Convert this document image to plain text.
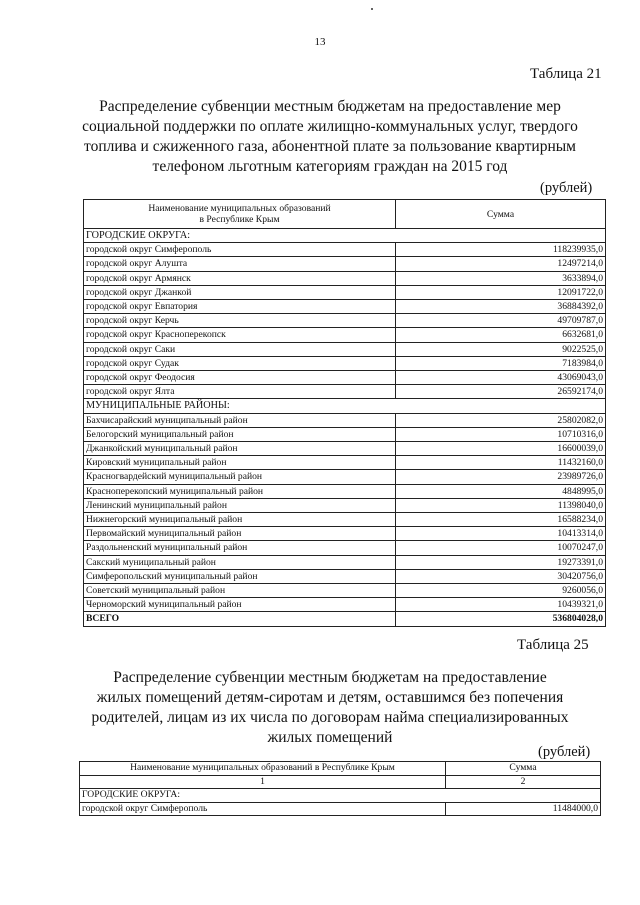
13
Таблица 21
Распределение субвенции местным бюджетам на предоставление мер
социальной поддержки по оплате жилищно-коммунальных услуг, твердого
топлива и сжиженного газа, абонентной плате за пользование квартирным
телефоном льготным категориям граждан на 2015 год
(рублей)
Наименование муниципальных образований
в Республике Крым	Сумма
ГОРОДСКИЕ ОКРУГА:	
городской округ Симферополь	118239935,0
городской округ Алушта	12497214,0
городской округ Армянск	3633894,0
городской округ Джанкой	12091722,0
городской округ Евпатория	36884392,0
городской округ Керчь	49709787,0
городской округ Красноперекопск	6632681,0
городской округ Саки	9022525,0
городской округ Судак	7183984,0
городской округ Феодосия	43069043,0
городской округ Ялта	26592174,0
МУНИЦИПАЛЬНЫЕ РАЙОНЫ:	
Бахчисарайский муниципальный район	25802082,0
Белогорский муниципальный район	10710316,0
Джанкойский муниципальный район	16600039,0
Кировский муниципальный район	11432160,0
Красногвардейский муниципальный район	23989726,0
Красноперекопский муниципальный район	4848995,0
Ленинский муниципальный район	11398040,0
Нижнегорский муниципальный район	16588234,0
Первомайский муниципальный район	10413314,0
Раздольненский муниципальный район	10070247,0
Сакский муниципальный район	19273391,0
Симферопольский муниципальный район	30420756,0
Советский муниципальный район	9260056,0
Черноморский муниципальный район	10439321,0
ВСЕГО	536804028,0
Таблица 25
Распределение субвенции местным бюджетам на предоставление
жилых помещений детям-сиротам и детям, оставшимся без попечения
родителей, лицам из их числа по договорам найма специализированных
жилых помещений
(рублей)
Наименование муниципальных образований в Республике Крым	Сумма
1	2
ГОРОДСКИЕ ОКРУГА:	
городской округ Симферополь	11484000,0
